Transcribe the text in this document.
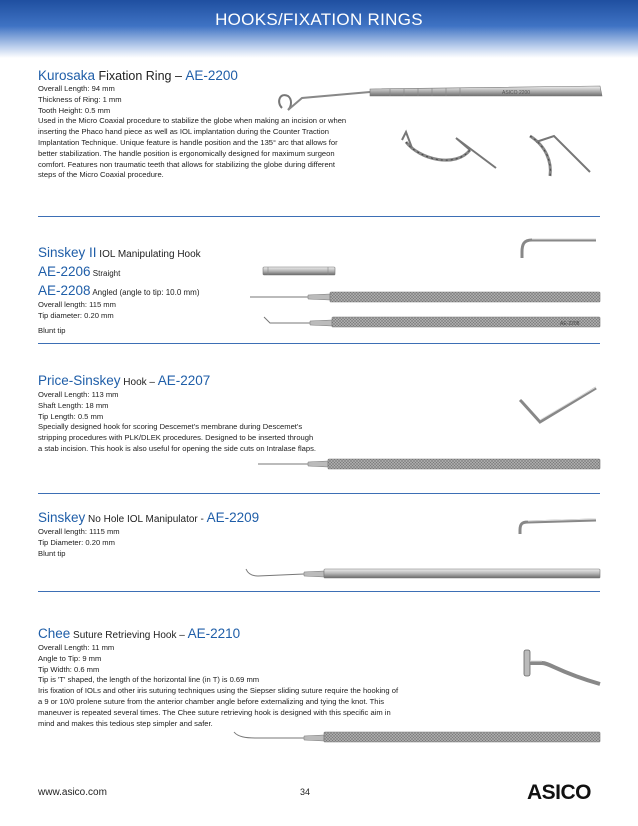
HOOKS/FIXATION RINGS
Kurosaka Fixation Ring – AE-2200
Overall Length: 94 mm
Thickness of Ring: 1 mm
Tooth Height: 0.5 mm
Used in the Micro Coaxial procedure to stabilize the globe when making an incision or when
inserting the Phaco hand piece as well as IOL implantation during the Counter Traction
Implantation Technique. Unique feature is handle position and the 135° arc that allows for
better stabilization. The handle position is ergonomically designed for maximum surgeon
comfort. Features non traumatic teeth that allows for stabilizing the globe during different
steps of the Micro Coaxial procedure.
ASICO 2200
Sinskey II IOL Manipulating Hook
AE-2206 Straight
AE-2208 Angled (angle to tip: 10.0 mm)
Overall length: 115 mm
Tip diameter: 0.20 mm
Blunt tip
AE-2208
Price-Sinskey Hook – AE-2207
Overall Length: 113 mm
Shaft Length: 18 mm
Tip Length: 0.5 mm
Specially designed hook for scoring Descemet's membrane during Descemet's
stripping procedures with PLK/DLEK procedures. Designed to be inserted through
a stab incision. This hook is also useful for opening the side cuts on Intralase flaps.
Sinskey No Hole IOL Manipulator - AE-2209
Overall length: 1115 mm
Tip Diameter: 0.20 mm
Blunt tip
Chee Suture Retrieving Hook – AE-2210
Overall Length: 11 mm
Angle to Tip: 9 mm
Tip Width: 0.6 mm
Tip is 'T' shaped, the length of the horizontal line (in T) is 0.69 mm
Iris fixation of IOLs and other iris suturing techniques using the Siepser sliding suture require the hooking of
a 9 or 10/0 prolene suture from the anterior chamber angle before externalizing and tying the knot. This
maneuver is repeated several times. The Chee suture retrieving hook is designed with this specific aim in
mind and makes this tedious step simpler and safer.
www.asico.com	34	ASICO
